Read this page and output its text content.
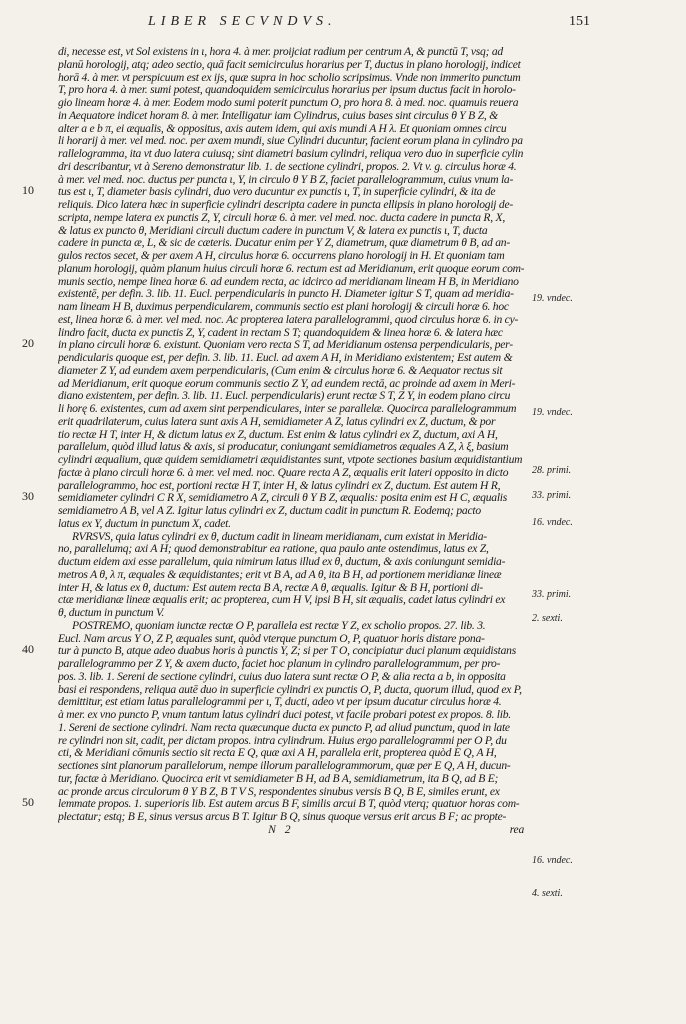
LIBER SECVNDVS.	151
10
20
30
40
50
19. vndec.
19. vndec.
28. primi.
33. primi.
16. vndec.
33. primi.
2. sexti.
16. vndec.
4. sexti.
di, necesse est, vt Sol existens in ι, hora 4. à mer. proijciat radium per centrum A, & punctū T, vsq; ad
planū horologij, atq; adeo sectio, quā facit semicirculus horarius per T, ductus in plano horologij, indicet
horā 4. à mer. vt perspicuum est ex ijs, quæ supra in hoc scholio scripsimus. Vnde non immerito punctum
T, pro hora 4. à mer. sumi potest, quandoquidem semicirculus horarius per ipsum ductus facit in horolo-
gio lineam horæ 4. à mer. Eodem modo sumi poterit punctum O, pro hora 8. à med. noc. quamuis reuera
in Aequatore indicet horam 8. à mer. Intelligatur iam Cylindrus, cuius bases sint circulus θ Y B Z, &
alter a e b π, ei æqualis, & oppositus, axis autem idem, qui axis mundi A H λ. Et quoniam omnes circu
li horarij à mer. vel med. noc. per axem mundi, siue Cylindri ducuntur, facient eorum plana in cylindro pa
rallelogramma, ita vt duo latera cuiusq; sint diametri basium cylindri, reliqua vero duo in superficie cylin
dri describantur, vt à Sereno demonstratur lib. 1. de sectione cylindri, propos. 2. Vt v. g. circulus horæ 4.
à mer. vel med. noc. ductus per puncta ι, Y, in circulo θ Y B Z, faciet parallelogrammum, cuius vnum la-
tus est ι, T, diameter basis cylindri, duo vero ducuntur ex punctis ι, T, in superficie cylindri, & ita de
reliquis. Dico latera hæc in superficie cylindri descripta cadere in puncta ellipsis in plano horologij de-
scripta, nempe latera ex punctis Z, Y, circuli horæ 6. à mer. vel med. noc. ducta cadere in puncta R, X,
& latus ex puncto θ, Meridiani circuli ductum cadere in punctum V, & latera ex punctis ι, T, ducta
cadere in puncta æ, L, & sic de cæteris. Ducatur enim per Y Z, diametrum, quæ diametrum θ B, ad an-
gulos rectos secet, & per axem A H, circulus horæ 6. occurrens plano horologij in H. Et quoniam tam
planum horologij, quàm planum huius circuli horæ 6. rectum est ad Meridianum, erit quoque eorum com-
munis sectio, nempe linea horæ 6. ad eundem recta, ac idcirco ad meridianam lineam H B, in Meridiano
existentē, per defin. 3. lib. 11. Eucl. perpendicularis in puncto H. Diameter igitur S T, quam ad meridia-
nam lineam H B, duximus perpendicularem, communis sectio est plani horologij & circuli horæ 6. hoc
est, linea horæ 6. à mer. vel med. noc. Ac propterea latera parallelogrammi, quod circulus horæ 6. in cy-
lindro facit, ducta ex punctis Z, Y, cadent in rectam S T; quandoquidem & linea horæ 6. & latera hæc
in plano circuli horæ 6. existunt. Quoniam vero recta S T, ad Meridianum ostensa perpendicularis, per-
pendicularis quoque est, per defin. 3. lib. 11. Eucl. ad axem A H, in Meridiano existentem; Est autem &
diameter Z Y, ad eundem axem perpendicularis, (Cum enim & circulus horæ 6. & Aequator rectus sit
ad Meridianum, erit quoque eorum communis sectio Z Y, ad eundem rectā, ac proinde ad axem in Meri-
diano existentem, per defin. 3. lib. 11. Eucl. perpendicularis) erunt rectæ S T, Z Y, in eodem plano circu
li horę 6. existentes, cum ad axem sint perpendiculares, inter se parallelæ. Quocirca parallelogrammum
erit quadrilaterum, cuius latera sunt axis A H, semidiameter A Z, latus cylindri ex Z, ductum, & por
tio rectæ H T, inter H, & dictum latus ex Z, ductum. Est enim & latus cylindri ex Z, ductum, axi A H,
parallelum, quòd illud latus & axis, si producatur, coniungant semidiametros æquales A Z, λ ξ, basium
cylindri æqualium, quæ quidem semidiametri æquidistantes sunt, vtpote sectiones basium æquidistantium
factæ à plano circuli horæ 6. à mer. vel med. noc. Quare recta A Z, æqualis erit lateri opposito in dicto
parallelogrammo, hoc est, portioni rectæ H T, inter H, & latus cylindri ex Z, ductum. Est autem H R,
semidiameter cylindri C R X, semidiametro A Z, circuli θ Y B Z, æqualis: posita enim est H C, æqualis
semidiametro A B, vel A Z. Igitur latus cylindri ex Z, ductum cadit in punctum R. Eodemq; pacto
latus ex Y, ductum in punctum X, cadet.
RVRSVS, quia latus cylindri ex θ, ductum cadit in lineam meridianam, cum existat in Meridia-
no, parallelumq; axi A H; quod demonstrabitur ea ratione, qua paulo ante ostendimus, latus ex Z,
ductum eidem axi esse parallelum, quia nimirum latus illud ex θ, ductum, & axis coniungunt semidia-
metros A θ, λ π, æquales & æquidistantes; erit vt B A, ad A θ, ita B H, ad portionem meridianæ lineæ
inter H, & latus ex θ, ductum: Est autem recta B A, rectæ A θ, æqualis. Igitur & B H, portioni di-
ctæ meridianæ lineæ æqualis erit; ac propterea, cum H V, ipsi B H, sit æqualis, cadet latus cylindri ex
θ, ductum in punctum V.
POSTREMO, quoniam iunctæ rectæ O P, parallela est rectæ Y Z, ex scholio propos. 27. lib. 3.
Eucl. Nam arcus Y O, Z P, æquales sunt, quòd vterque punctum O, P, quatuor horis distare pona-
tur à puncto B, atque adeo duabus horis à punctis Y, Z; si per T O, concipiatur duci planum æquidistans
parallelogrammo per Z Y, & axem ducto, faciet hoc planum in cylindro parallelogrammum, per pro-
pos. 3. lib. 1. Sereni de sectione cylindri, cuius duo latera sunt rectæ O P, & alia recta a b, in opposita
basi ei respondens, reliqua autē duo in superficie cylindri ex punctis O, P, ducta, quorum illud, quod ex P,
demittitur, est etiam latus parallelogrammi per ι, T, ducti, adeo vt per ipsum ducatur circulus horæ 4.
à mer. ex vno puncto P, vnum tantum latus cylindri duci potest, vt facile probari potest ex propos. 8. lib.
1. Sereni de sectione cylindri. Nam recta quæcunque ducta ex puncto P, ad aliud punctum, quod in late
re cylindri non sit, cadit, per dictam propos. intra cylindrum. Huius ergo parallelogrammi per O P, du
cti, & Meridiani cōmunis sectio sit recta E Q, quæ axi A H, parallela erit, propterea quòd E Q, A H,
sectiones sint planorum parallelorum, nempe illorum parallelogrammorum, quæ per E Q, A H, ducun-
tur, factæ à Meridiano. Quocirca erit vt semidiameter B H, ad B A, semidiametrum, ita B Q, ad B E;
ac pronde arcus circulorum θ Y B Z, B T V S, respondentes sinubus versis B Q, B E, similes erunt, ex
lemmate propos. 1. superioris lib. Est autem arcus B F, similis arcui B T, quòd vterq; quatuor horas com-
plectatur; estq; B E, sinus versus arcus B T. Igitur B Q, sinus quoque versus erit arcus B F; ac propte-
N 2	rea
